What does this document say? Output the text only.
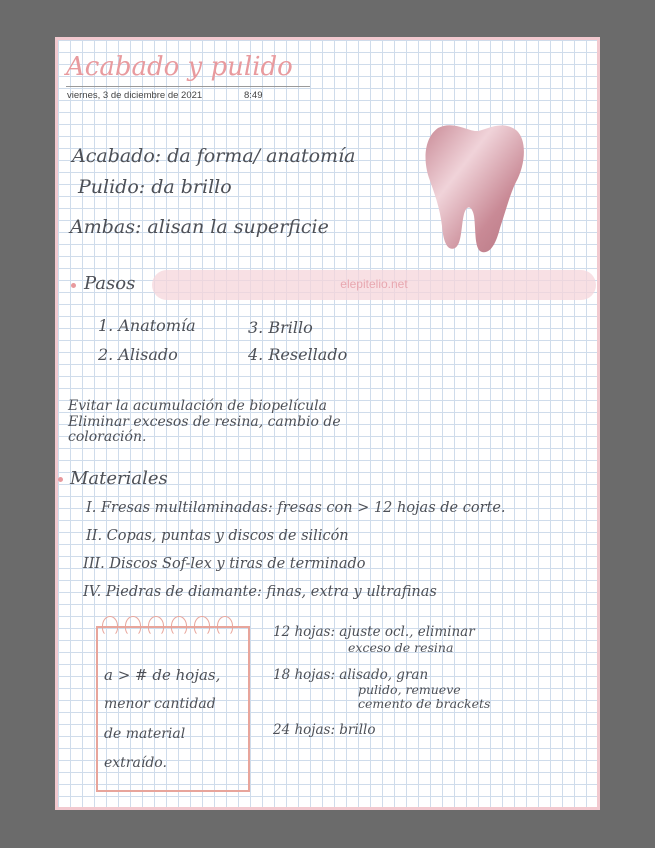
Acabado y pulido
viernes, 3 de diciembre de 2021	8:49
Acabado: da forma/ anatomía
Pulido: da brillo
Ambas: alisan la superficie
Pasos	elepitelio.net
1. Anatomía
2. Alisado
3. Brillo
4. Resellado
Evitar la acumulación de biopelícula
Eliminar excesos de resina, cambio de
coloración.
Materiales
I. Fresas multilaminadas: fresas con > 12 hojas de corte.
II. Copas, puntas y discos de silicón
III. Discos Sof-lex y tiras de terminado
IV. Piedras de diamante: finas, extra y ultrafinas
a > # de hojas,
menor cantidad
de material
extraído.
12 hojas: ajuste ocl., eliminar
exceso de resina
18 hojas: alisado, gran
pulido, remueve
cemento de brackets
24 hojas: brillo
